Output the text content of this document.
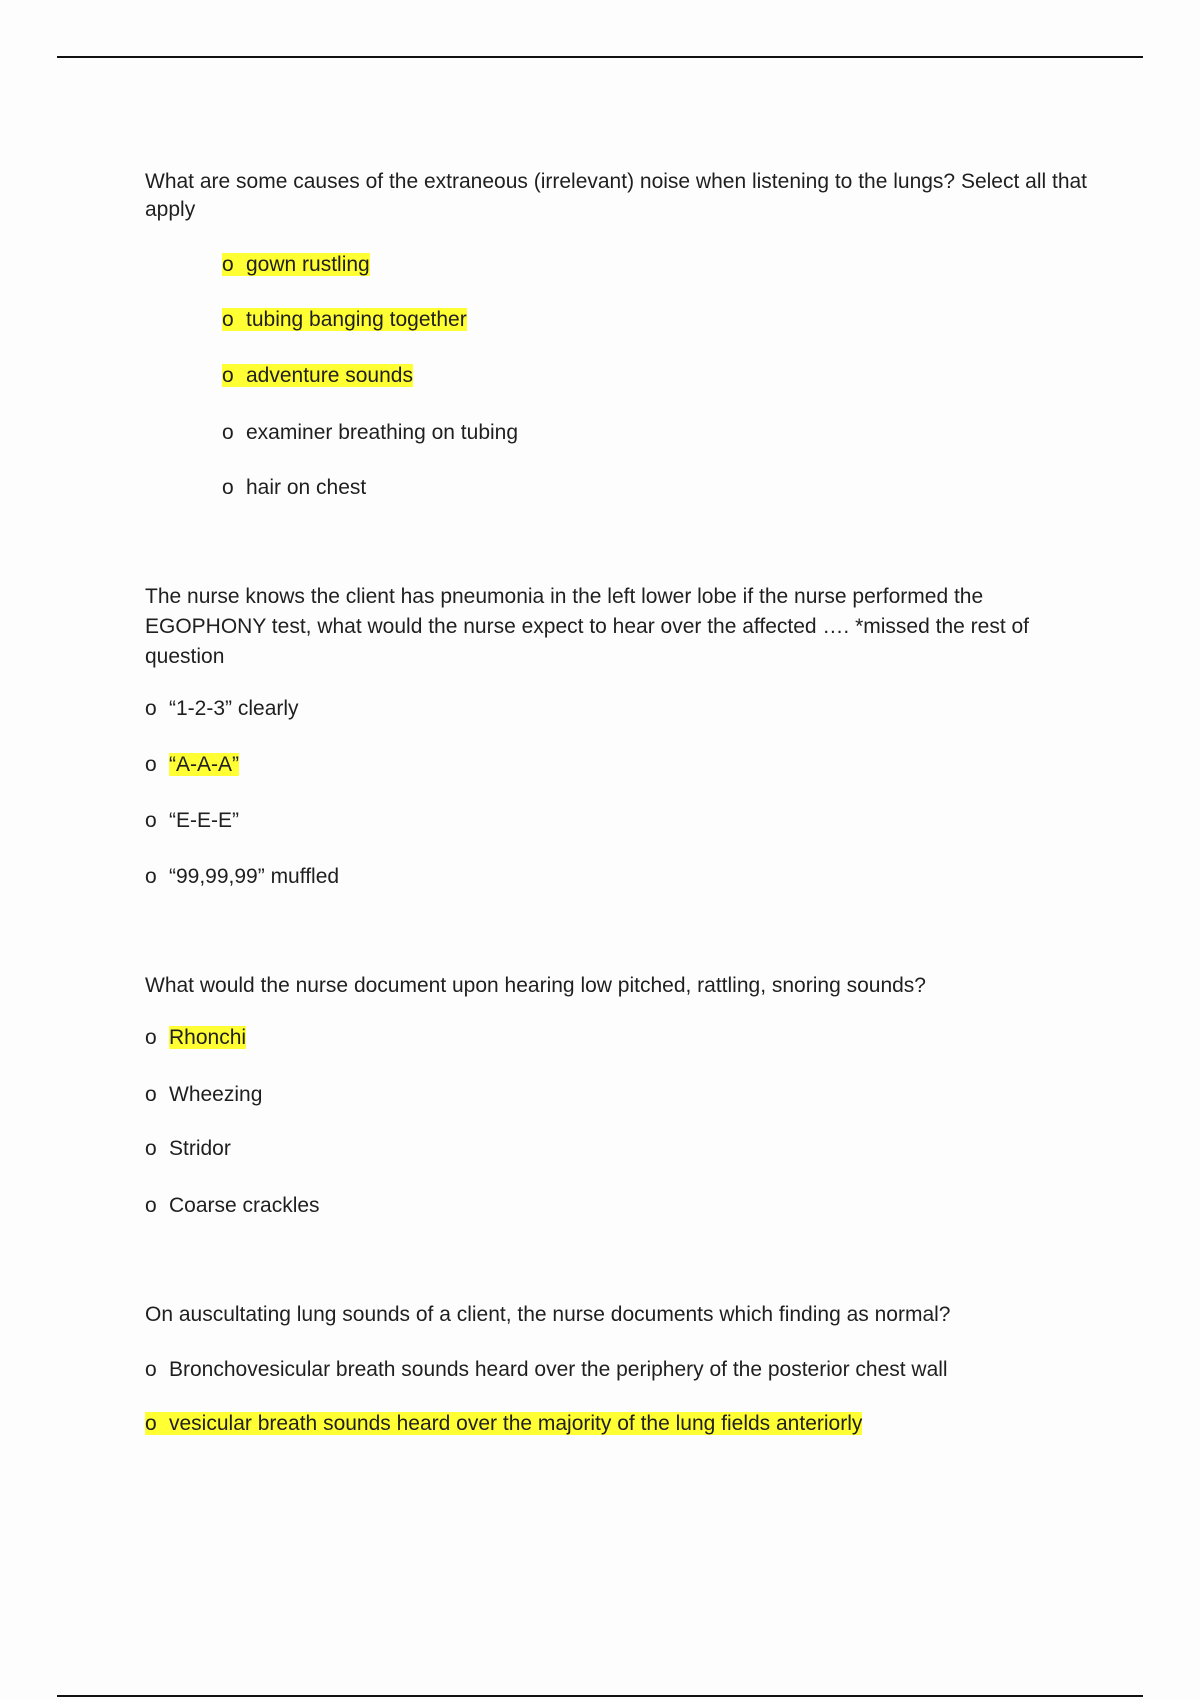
What are some causes of the extraneous (irrelevant) noise when listening to the lungs? Select all that apply
o gown rustling
o tubing banging together
o adventure sounds
o examiner breathing on tubing
o hair on chest
The nurse knows the client has pneumonia in the left lower lobe if the nurse performed the EGOPHONY test, what would the nurse expect to hear over the affected …. *missed the rest of question
o “1-2-3” clearly
o “A-A-A”
o “E-E-E”
o “99,99,99” muffled
What would the nurse document upon hearing low pitched, rattling, snoring sounds?
o Rhonchi
o Wheezing
o Stridor
o Coarse crackles
On auscultating lung sounds of a client, the nurse documents which finding as normal?
o Bronchovesicular breath sounds heard over the periphery of the posterior chest wall
o vesicular breath sounds heard over the majority of the lung fields anteriorly
